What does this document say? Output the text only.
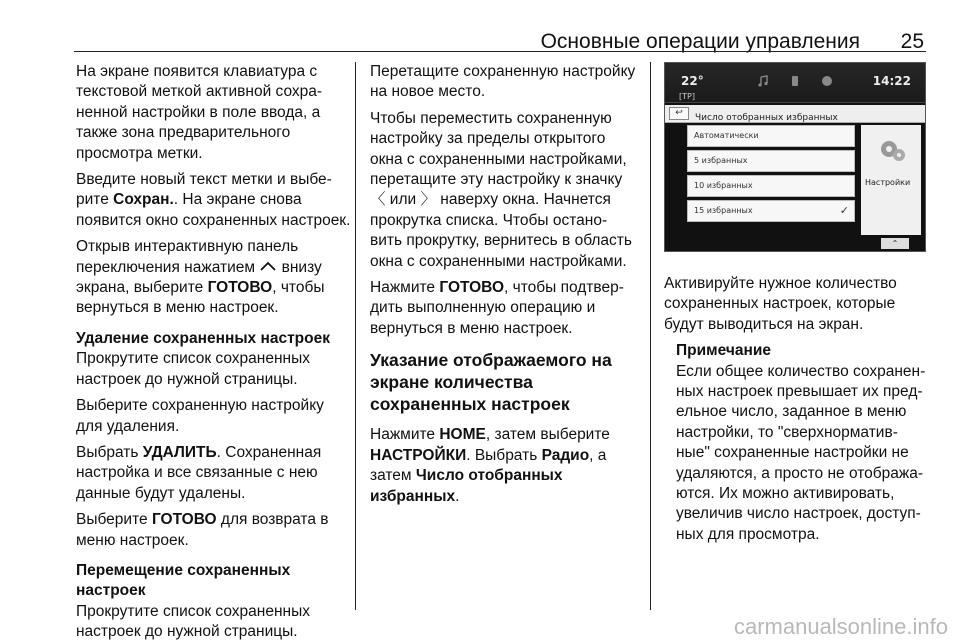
Основные операции управления 25

На экране появится клавиатура с текстовой меткой активной сохра-ненной настройки в поле ввода, а также зона предварительного просмотра метки.

Введите новый текст метки и выбе-рите Сохран.. На экране снова появится окно сохраненных настроек.

Открыв интерактивную панель переключения нажатием  внизу экрана, выберите ГОТОВО, чтобы вернуться в меню настроек.

Удаление сохраненных настроек

Прокрутите список сохраненных настроек до нужной страницы.

Выберите сохраненную настройку для удаления.

Выбрать УДАЛИТЬ. Сохраненная настройка и все связанные с нею данные будут удалены.

Выберите ГОТОВО для возврата в меню настроек.

Перемещение сохраненных настроек

Прокрутите список сохраненных настроек до нужной страницы.

Перетащите сохраненную настройку на новое место.

Чтобы переместить сохраненную настройку за пределы открытого окна с сохраненными настройками, перетащите эту настройку к значку 〈 или 〉 наверху окна. Начнется прокрутка списка. Чтобы остано-вить прокрутку, вернитесь в область окна с сохраненными настройками.

Нажмите ГОТОВО, чтобы подтвер-дить выполненную операцию и вернуться в меню настроек.

Указание отображаемого на экране количества сохраненных настроек

Нажмите HOME, затем выберите НАСТРОЙКИ. Выбрать Радио, а затем Число отобранных избранных.

22°
[TP]
14:22
↩	Число отобранных избранных
Автоматически
5 избранных
10 избранных
15 избранных	✓
Настройки
⌃

Активируйте нужное количество сохраненных настроек, которые будут выводиться на экран.

Примечание

Если общее количество сохранен-ных настроек превышает их пред-ельное число, заданное в меню настройки, то "сверхнорматив-ные" сохраненные настройки не удаляются, а просто не отобража-ются. Их можно активировать, увеличив число настроек, доступ-ных для просмотра.

carmanualsonline.info
